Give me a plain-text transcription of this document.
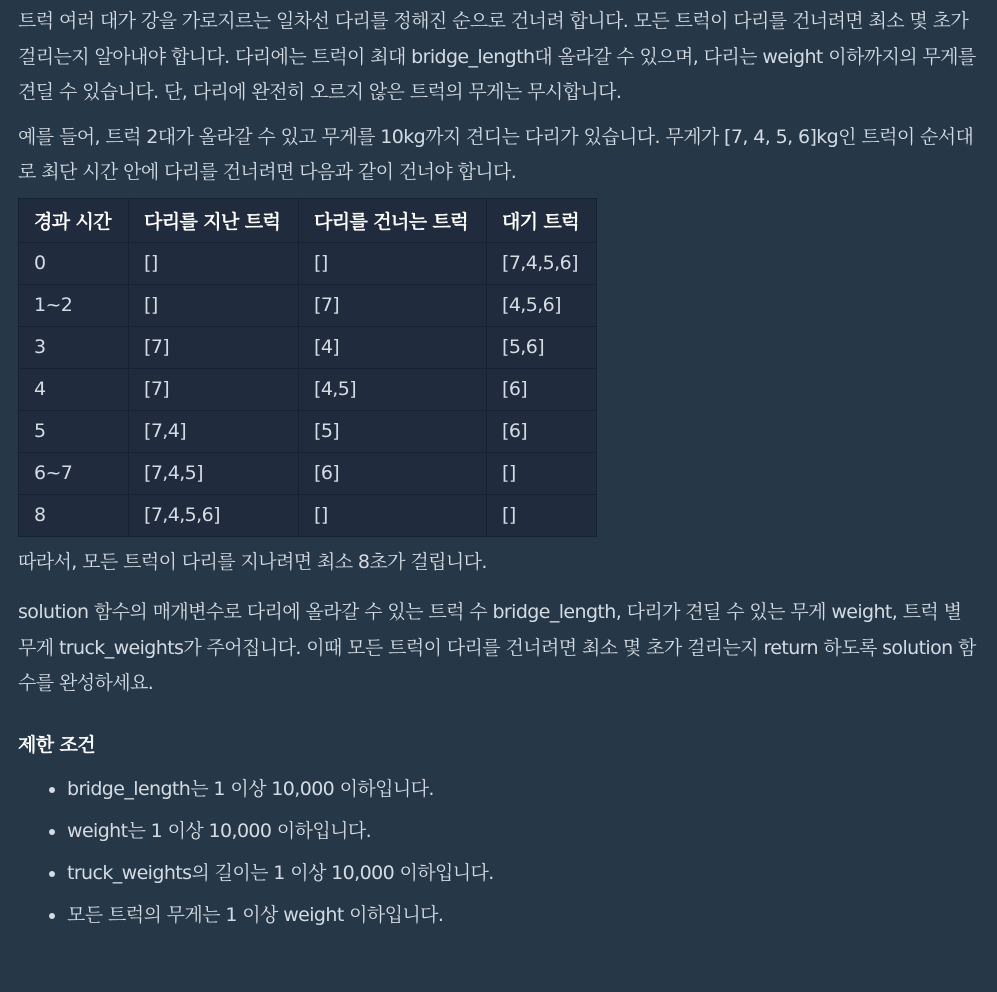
트럭 여러 대가 강을 가로지르는 일차선 다리를 정해진 순으로 건너려 합니다. 모든 트럭이 다리를 건너려면 최소 몇 초가 걸리는지 알아내야 합니다. 다리에는 트럭이 최대 bridge_length대 올라갈 수 있으며, 다리는 weight 이하까지의 무게를 견딜 수 있습니다. 단, 다리에 완전히 오르지 않은 트럭의 무게는 무시합니다.

예를 들어, 트럭 2대가 올라갈 수 있고 무게를 10kg까지 견디는 다리가 있습니다. 무게가 [7, 4, 5, 6]kg인 트럭이 순서대로 최단 시간 안에 다리를 건너려면 다음과 같이 건너야 합니다.

경과 시간	다리를 지난 트럭	다리를 건너는 트럭	대기 트럭
0	[]	[]	[7,4,5,6]
1~2	[]	[7]	[4,5,6]
3	[7]	[4]	[5,6]
4	[7]	[4,5]	[6]
5	[7,4]	[5]	[6]
6~7	[7,4,5]	[6]	[]
8	[7,4,5,6]	[]	[]

따라서, 모든 트럭이 다리를 지나려면 최소 8초가 걸립니다.

solution 함수의 매개변수로 다리에 올라갈 수 있는 트럭 수 bridge_length, 다리가 견딜 수 있는 무게 weight, 트럭 별 무게 truck_weights가 주어집니다. 이때 모든 트럭이 다리를 건너려면 최소 몇 초가 걸리는지 return 하도록 solution 함수를 완성하세요.

제한 조건
• bridge_length는 1 이상 10,000 이하입니다.
• weight는 1 이상 10,000 이하입니다.
• truck_weights의 길이는 1 이상 10,000 이하입니다.
• 모든 트럭의 무게는 1 이상 weight 이하입니다.
